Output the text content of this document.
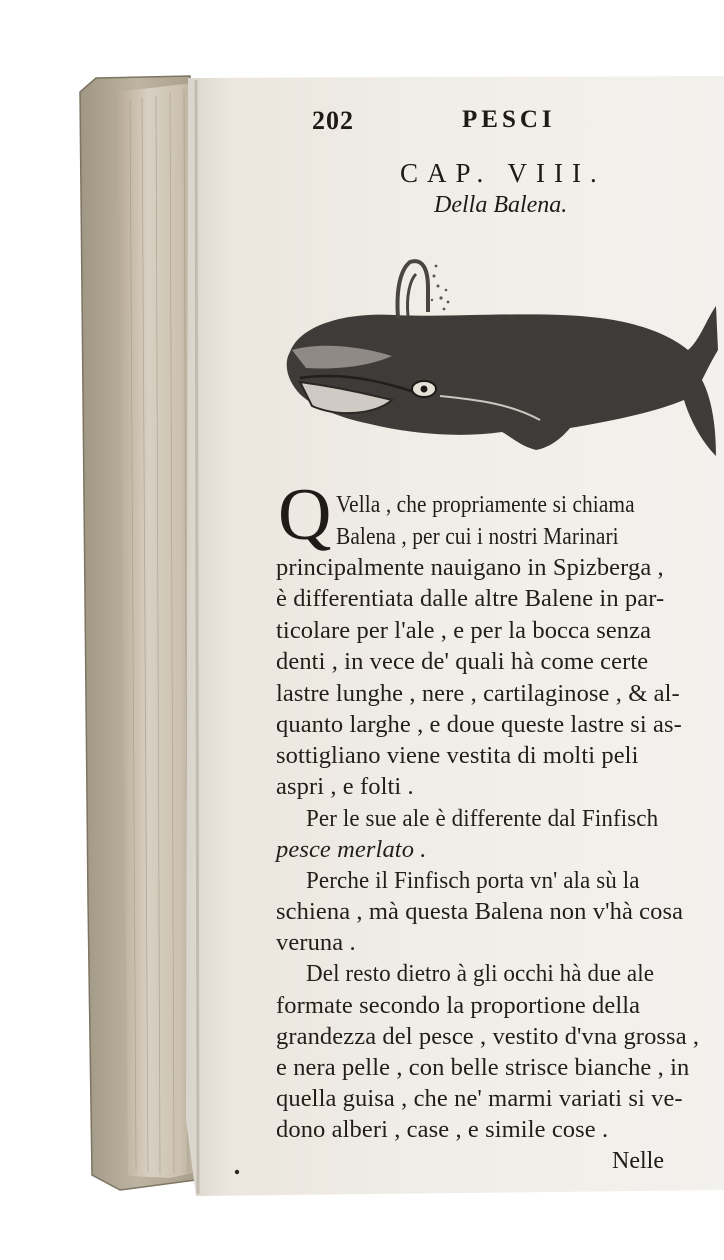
202	PESCI
CAP. VIII.
Della Balena.
Q Vella , che propriamente si chiama
Balena , per cui i nostri Marinari
principalmente nauigano in Spizberga ,
è differentiata dalle altre Balene in par-
ticolare per l'ale , e per la bocca senza
denti , in vece de' quali hà come certe
lastre lunghe , nere , cartilaginose , & al-
quanto larghe , e doue queste lastre si as-
sottigliano viene vestita di molti peli
aspri , e folti .
Per le sue ale è differente dal Finfisch
pesce merlato .
Perche il Finfisch porta vn' ala sù la
schiena , mà questa Balena non v'hà cosa
veruna .
Del resto dietro à gli occhi hà due ale
formate secondo la proportione della
grandezza del pesce , vestito d'vna grossa ,
e nera pelle , con belle strisce bianche , in
quella guisa , che ne' marmi variati si ve-
dono alberi , case , e simile cose .
Nelle
